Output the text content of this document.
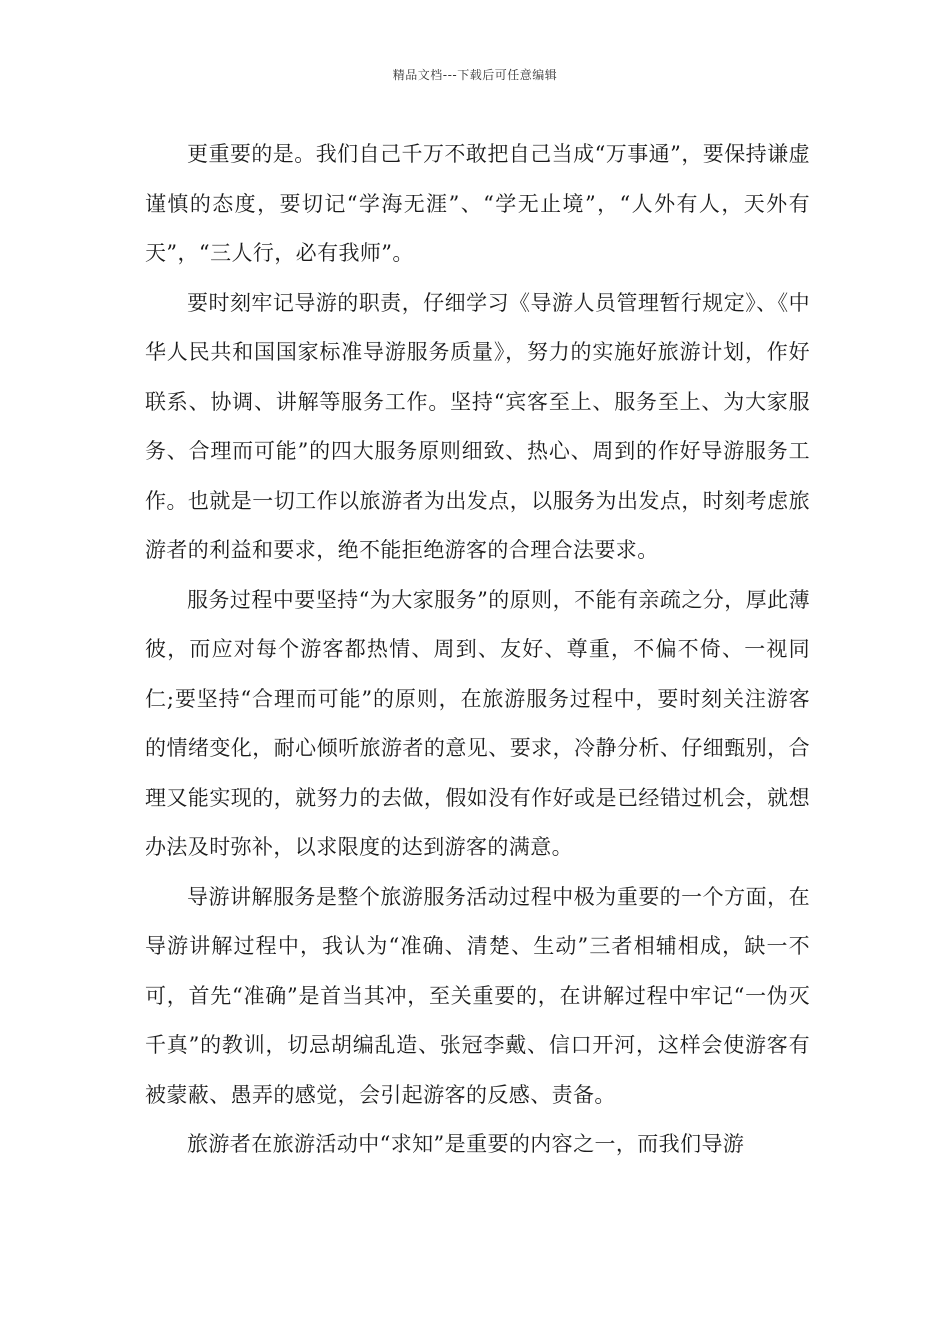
精品文档---下载后可任意编辑

更重要的是。我们自己千万不敢把自己当成“万事通”，要保持谦虚谨慎的态度，要切记“学海无涯”、“学无止境”，“人外有人，天外有天”，“三人行，必有我师”。

要时刻牢记导游的职责，仔细学习《导游人员管理暂行规定》、《中华人民共和国国家标准导游服务质量》，努力的实施好旅游计划，作好联系、协调、讲解等服务工作。坚持“宾客至上、服务至上、为大家服务、合理而可能”的四大服务原则细致、热心、周到的作好导游服务工作。也就是一切工作以旅游者为出发点，以服务为出发点，时刻考虑旅游者的利益和要求，绝不能拒绝游客的合理合法要求。

服务过程中要坚持“为大家服务”的原则，不能有亲疏之分，厚此薄彼，而应对每个游客都热情、周到、友好、尊重，不偏不倚、一视同仁;要坚持“合理而可能”的原则，在旅游服务过程中，要时刻关注游客的情绪变化，耐心倾听旅游者的意见、要求，冷静分析、仔细甄别，合理又能实现的，就努力的去做，假如没有作好或是已经错过机会，就想办法及时弥补，以求限度的达到游客的满意。

导游讲解服务是整个旅游服务活动过程中极为重要的一个方面，在导游讲解过程中，我认为“准确、清楚、生动”三者相辅相成，缺一不可，首先“准确”是首当其冲，至关重要的，在讲解过程中牢记“一伪灭千真”的教训，切忌胡编乱造、张冠李戴、信口开河，这样会使游客有被蒙蔽、愚弄的感觉，会引起游客的反感、责备。

旅游者在旅游活动中“求知”是重要的内容之一，而我们导游
